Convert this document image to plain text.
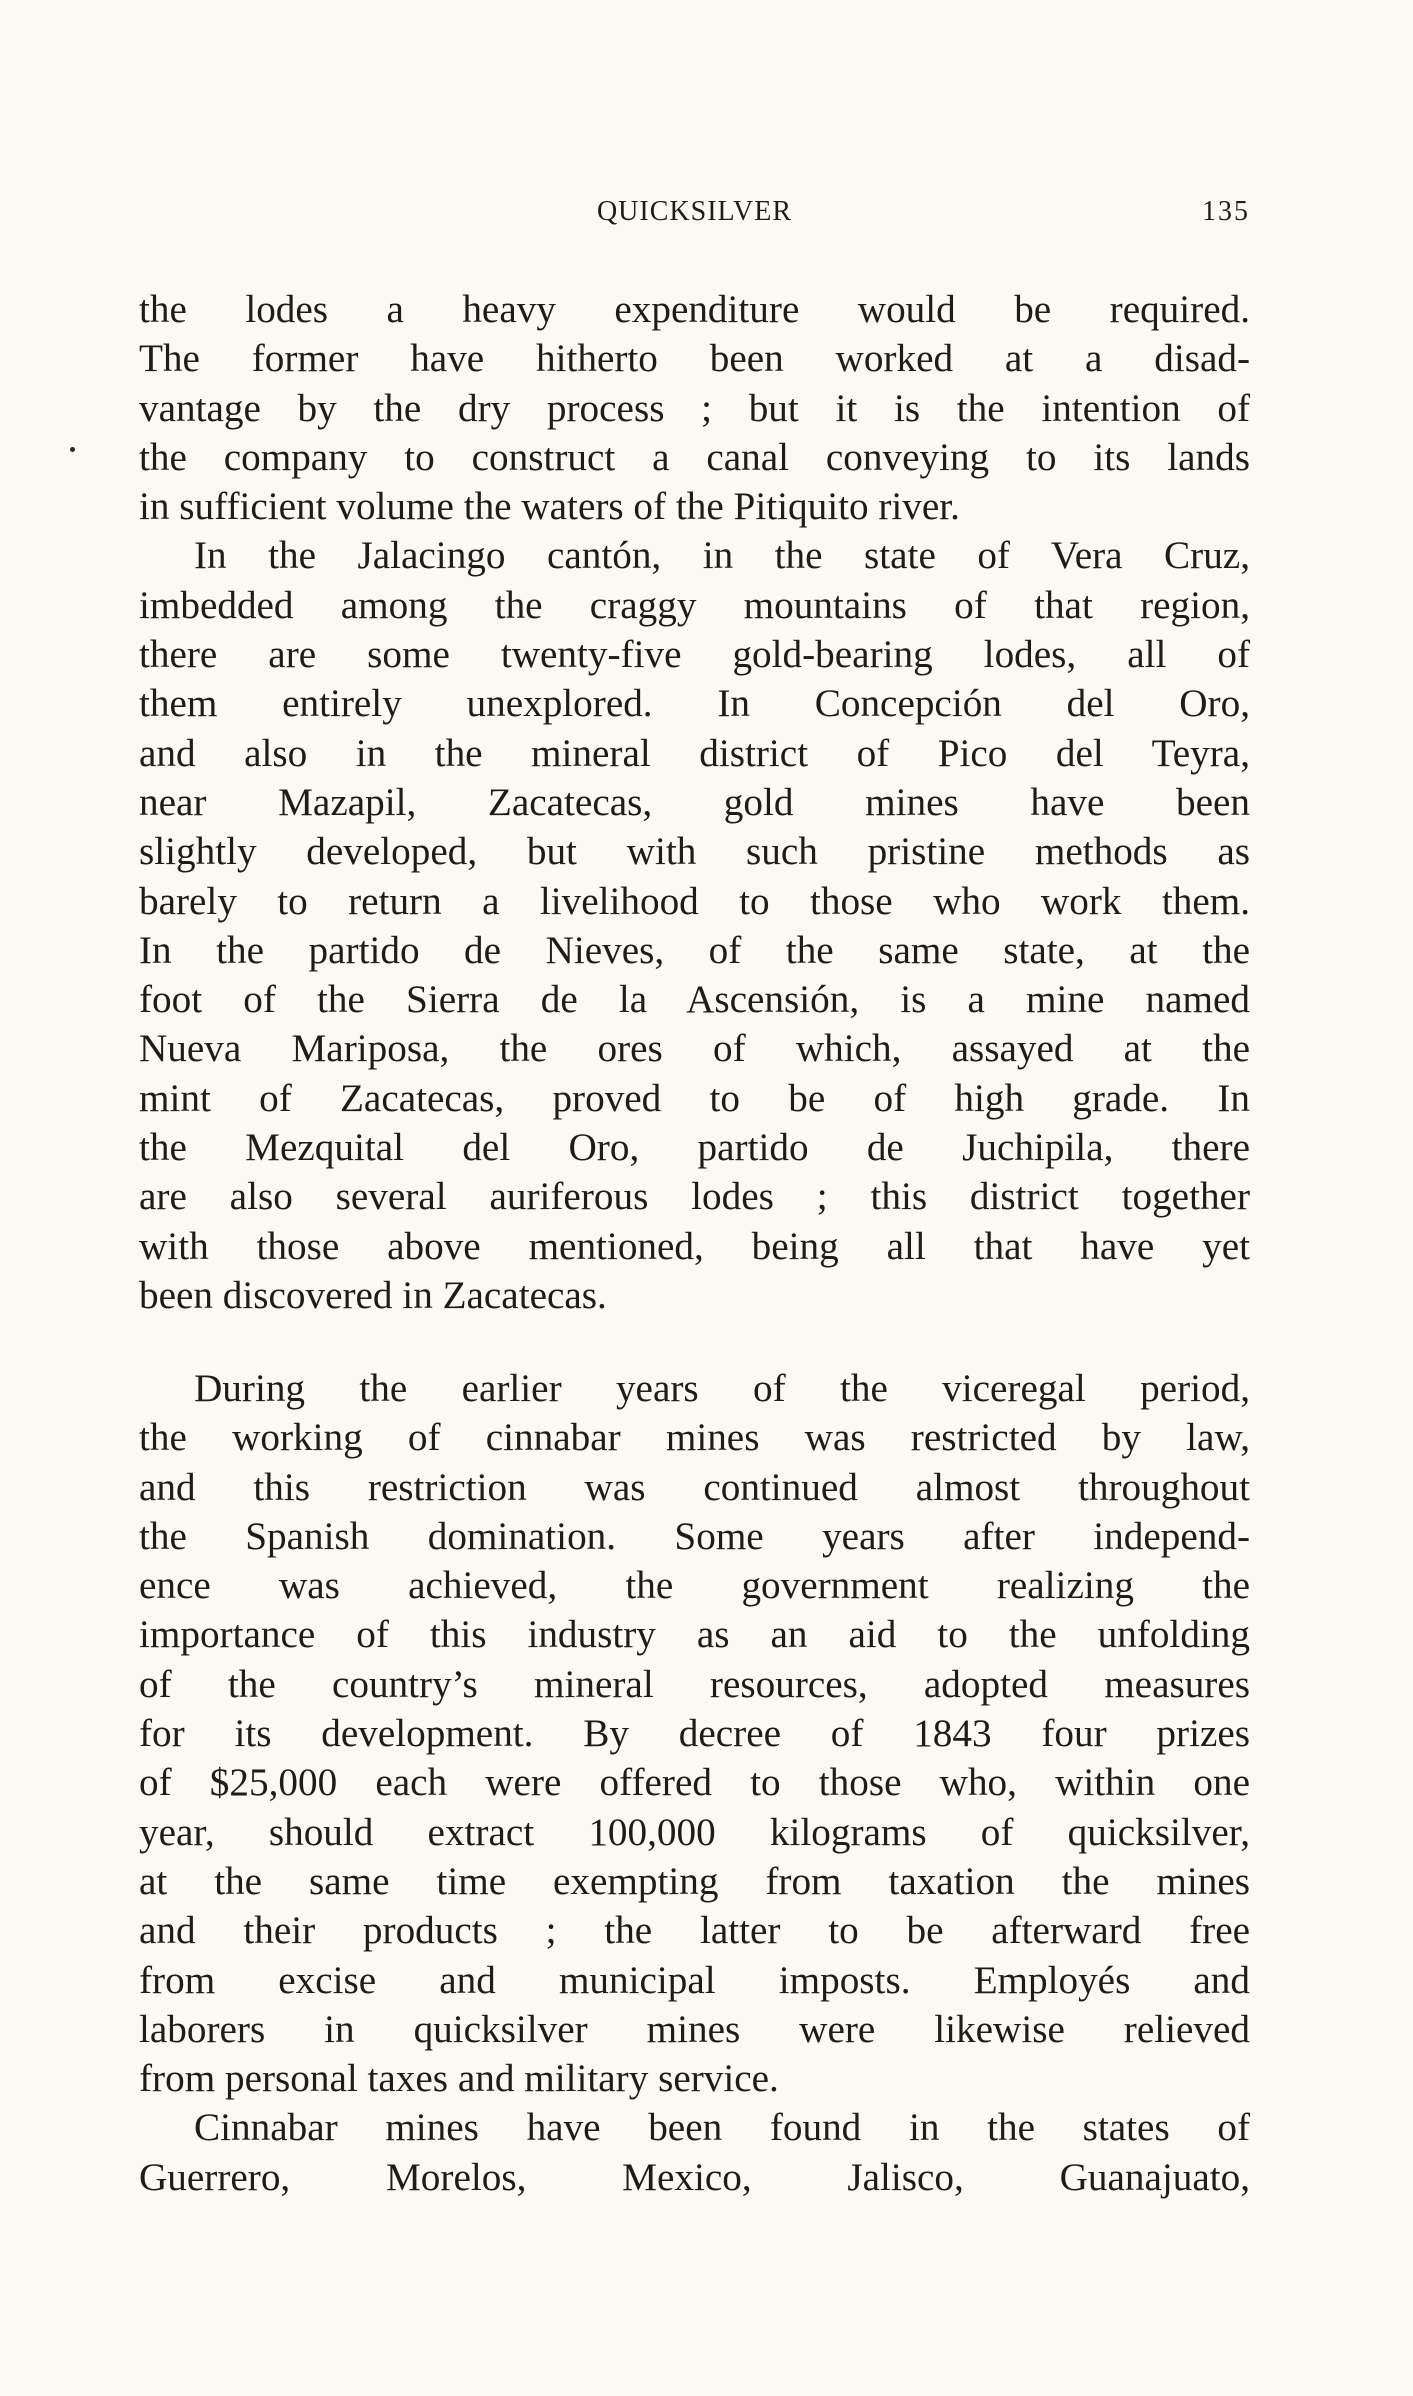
QUICKSILVER	135
the lodes a heavy expenditure would be required.
The former have hitherto been worked at a disad-
vantage by the dry process ; but it is the intention of
the company to construct a canal conveying to its lands
in sufficient volume the waters of the Pitiquito river.
In the Jalacingo cantón, in the state of Vera Cruz,
imbedded among the craggy mountains of that region,
there are some twenty-five gold-bearing lodes, all of
them entirely unexplored. In Concepción del Oro,
and also in the mineral district of Pico del Teyra,
near Mazapil, Zacatecas, gold mines have been
slightly developed, but with such pristine methods as
barely to return a livelihood to those who work them.
In the partido de Nieves, of the same state, at the
foot of the Sierra de la Ascensión, is a mine named
Nueva Mariposa, the ores of which, assayed at the
mint of Zacatecas, proved to be of high grade. In
the Mezquital del Oro, partido de Juchipila, there
are also several auriferous lodes ; this district together
with those above mentioned, being all that have yet
been discovered in Zacatecas.
During the earlier years of the viceregal period,
the working of cinnabar mines was restricted by law,
and this restriction was continued almost throughout
the Spanish domination. Some years after independ-
ence was achieved, the government realizing the
importance of this industry as an aid to the unfolding
of the country’s mineral resources, adopted measures
for its development. By decree of 1843 four prizes
of $25,000 each were offered to those who, within one
year, should extract 100,000 kilograms of quicksilver,
at the same time exempting from taxation the mines
and their products ; the latter to be afterward free
from excise and municipal imposts. Employés and
laborers in quicksilver mines were likewise relieved
from personal taxes and military service.
Cinnabar mines have been found in the states of
Guerrero, Morelos, Mexico, Jalisco, Guanajuato,
